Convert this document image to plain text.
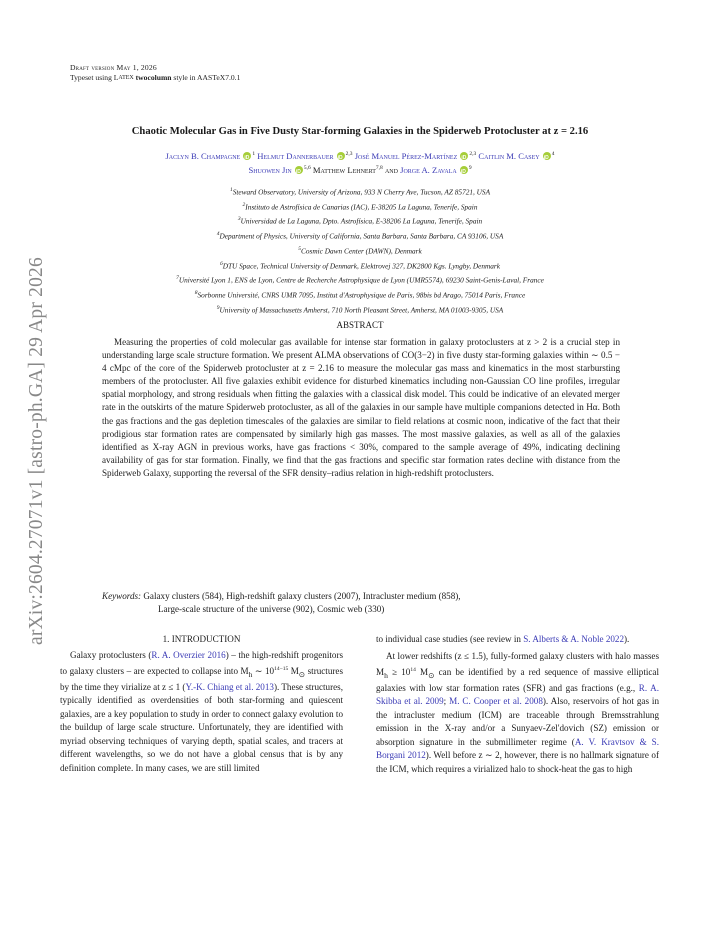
arXiv:2604.27071v1 [astro-ph.GA] 29 Apr 2026
Draft version May 1, 2026
Typeset using LATEX twocolumn style in AASTeX7.0.1
Chaotic Molecular Gas in Five Dusty Star-forming Galaxies in the Spiderweb Protocluster at z = 2.16
Jaclyn B. Champagne iD $^1$ Helmut Dannerbauer iD $^{2,3}$ José Manuel Pérez-Martínez iD $^{2,3}$ Caitlin M. Casey iD $^4$
Shuowen Jin iD $^{5,6}$ Matthew Lehnert$^{7,8}$ and Jorge A. Zavala iD $^9$
$^1$Steward Observatory, University of Arizona, 933 N Cherry Ave, Tucson, AZ 85721, USA
$^2$Instituto de Astrofísica de Canarias (IAC), E-38205 La Laguna, Tenerife, Spain
$^3$Universidad de La Laguna, Dpto. Astrofísica, E-38206 La Laguna, Tenerife, Spain
$^4$Department of Physics, University of California, Santa Barbara, Santa Barbara, CA 93106, USA
$^5$Cosmic Dawn Center (DAWN), Denmark
$^6$DTU Space, Technical University of Denmark, Elektrovej 327, DK2800 Kgs. Lyngby, Denmark
$^7$Université Lyon 1, ENS de Lyon, Centre de Recherche Astrophysique de Lyon (UMR5574), 69230 Saint-Genis-Laval, France
$^8$Sorbonne Université, CNRS UMR 7095, Institut d'Astrophysique de Paris, 98bis bd Arago, 75014 Paris, France
$^9$University of Massachusetts Amherst, 710 North Pleasant Street, Amherst, MA 01003-9305, USA
ABSTRACT
Measuring the properties of cold molecular gas available for intense star formation in galaxy protoclusters at z > 2 is a crucial step in understanding large scale structure formation. We present ALMA observations of CO(3−2) in five dusty star-forming galaxies within ∼ 0.5 − 4 cMpc of the core of the Spiderweb protocluster at z = 2.16 to measure the molecular gas mass and kinematics in the most starbursting members of the protocluster. All five galaxies exhibit evidence for disturbed kinematics including non-Gaussian CO line profiles, irregular spatial morphology, and strong residuals when fitting the galaxies with a classical disk model. This could be indicative of an elevated merger rate in the outskirts of the mature Spiderweb protocluster, as all of the galaxies in our sample have multiple companions detected in Hα. Both the gas fractions and the gas depletion timescales of the galaxies are similar to field relations at cosmic noon, indicative of the fact that their prodigious star formation rates are compensated by similarly high gas masses. The most massive galaxies, as well as all of the galaxies identified as X-ray AGN in previous works, have gas fractions < 30%, compared to the sample average of 49%, indicating declining availability of gas for star formation. Finally, we find that the gas fractions and specific star formation rates decline with distance from the Spiderweb Galaxy, supporting the reversal of the SFR density–radius relation in high-redshift protoclusters.
Keywords: Galaxy clusters (584), High-redshift galaxy clusters (2007), Intracluster medium (858),
Large-scale structure of the universe (902), Cosmic web (330)
1. INTRODUCTION

Galaxy protoclusters (R. A. Overzier 2016) – the high-redshift progenitors to galaxy clusters – are expected to collapse into $M_h$ ∼ $10^{14-15}$ $M_⊙$ structures by the time they virialize at z ≤ 1 (Y.-K. Chiang et al. 2013). These structures, typically identified as overdensities of both star-forming and quiescent galaxies, are a key population to study in order to connect galaxy evolution to the buildup of large scale structure. Unfortunately, they are identified with myriad observing techniques of varying depth, spatial scales, and tracers at different wavelengths, so we do not have a global census that is by any definition complete. In many cases, we are still limited

to individual case studies (see review in S. Alberts & A. Noble 2022).

At lower redshifts (z ≤ 1.5), fully-formed galaxy clusters with halo masses $M_h \ge 10^{14}$ $M_⊙$ can be identified by a red sequence of massive elliptical galaxies with low star formation rates (SFR) and gas fractions (e.g., R. A. Skibba et al. 2009; M. C. Cooper et al. 2008). Also, reservoirs of hot gas in the intracluster medium (ICM) are traceable through Bremsstrahlung emission in the X-ray and/or a Sunyaev-Zel'dovich (SZ) emission or absorption signature in the submillimeter regime (A. V. Kravtsov & S. Borgani 2012). Well before z ∼ 2, however, there is no hallmark signature of the ICM, which requires a virialized halo to shock-heat the gas to high
